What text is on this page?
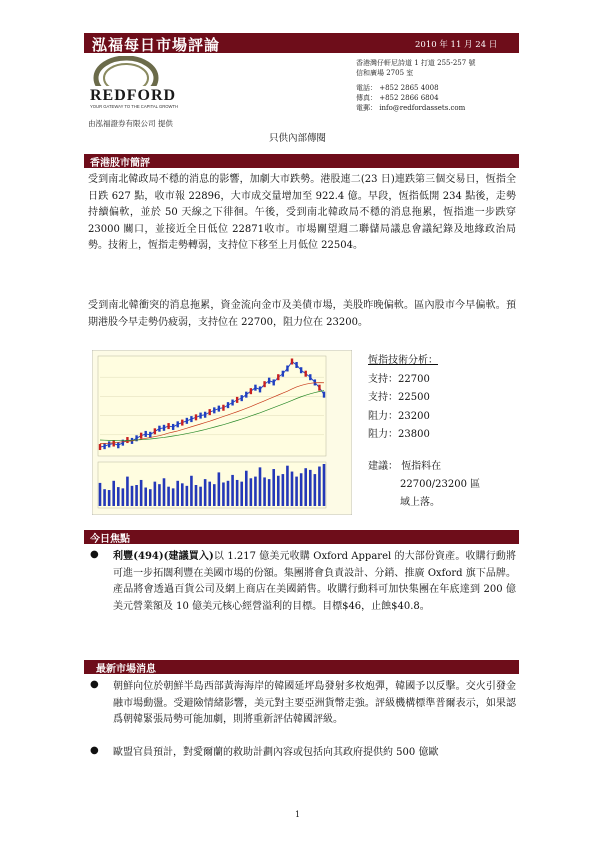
泓福每日市場評論	2010 年 11 月 24 日
REDFORD
YOUR GATEWAY TO THE CAPITAL GROWTH
由泓福證券有限公司 提供
香港灣仔軒尼詩道 1 打道 255-257 號
信和廣場 2705 室
電話： +852 2865 4008
傳真： +852 2866 6804
電郵： info@redfordassets.com
只供內部傳閱
香港股市簡評
受到南北韓政局不穩的消息的影響，加劇大市跌勢。港股連二(23 日)連跌第三個交易日，恆指全日跌 627 點，收市報 22896，大市成交量增加至 922.4 億。早段，恆指低開 234 點後，走勢持續偏軟，並於 50 天線之下徘徊。午後，受到南北韓政局不穩的消息拖累，恆指進一步跌穿 23000 關口，並接近全日低位 22871收市。市場關望週二聯儲局議息會議紀錄及地緣政治局勢。技術上，恆指走勢轉弱，支持位下移至上月低位 22504。
受到南北韓衝突的消息拖累，資金流向金市及美債市場，美股昨晚偏軟。區內股市今早偏軟。預期港股今早走勢仍疲弱，支持位在 22700，阻力位在 23200。
恆指技術分析：
支持：22700
支持：22500
阻力：23200
阻力：23800
建議： 恆指料在
22700/23200 區
域上落。
今日焦點
● 利豐(494)(建議買入)以 1.217 億美元收購 Oxford Apparel 的大部份資產。收購行動將可進一步拓闊利豐在美國市場的份額。集團將會負責設計、分銷、推廣 Oxford 旗下品牌。產品將會透過百貨公司及網上商店在美國銷售。收購行動料可加快集團在年底達到 200 億美元營業額及 10 億美元核心經營溢利的目標。目標$46，止蝕$40.8。
最新市場消息
● 朝鮮向位於朝鮮半島西部黃海海岸的韓國延坪島發射多枚炮彈，韓國予以反擊。交火引發金融市場動盪。受避險情緒影響，美元對主要亞洲貨幣走強。評級機構標準普爾表示，如果認爲朝韓緊張局勢可能加劇，則將重新評估韓國評級。
● 歐盟官員預計，對愛爾蘭的救助計劃內容或包括向其政府提供約 500 億歐
1
